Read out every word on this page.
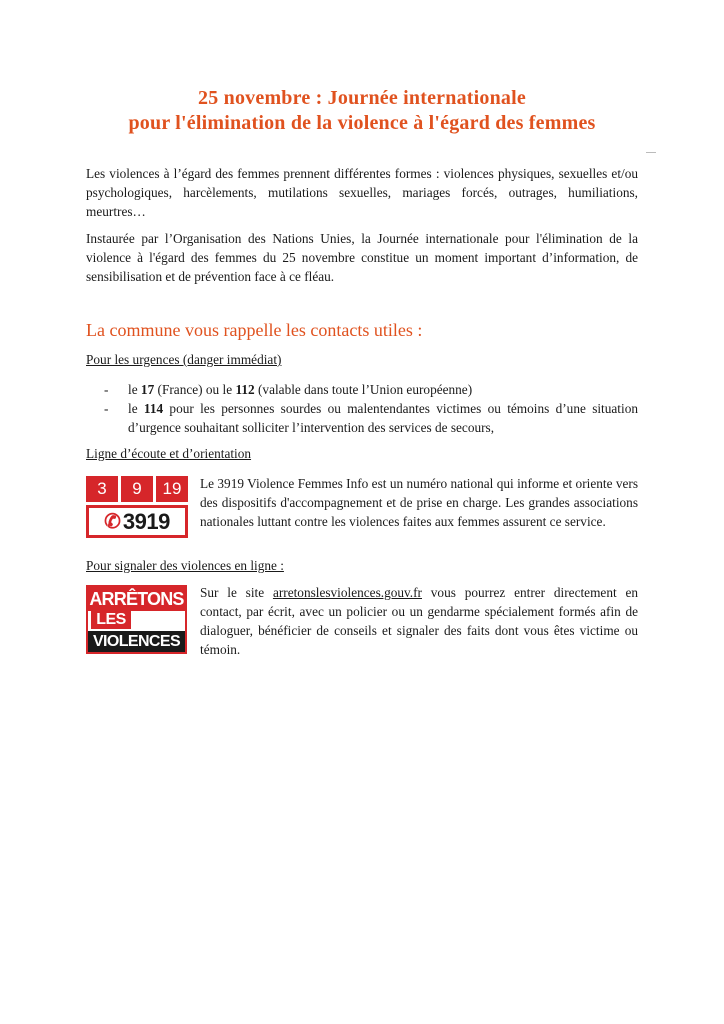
25 novembre : Journée internationale
pour l'élimination de la violence à l'égard des femmes
Les violences à l’égard des femmes prennent différentes formes : violences physiques, sexuelles et/ou psychologiques, harcèlements, mutilations sexuelles, mariages forcés, outrages, humiliations, meurtres…
Instaurée par l’Organisation des Nations Unies, la Journée internationale pour l'élimination de la violence à l'égard des femmes du 25 novembre constitue un moment important d’information, de sensibilisation et de prévention face à ce fléau.
La commune vous rappelle les contacts utiles :
Pour les urgences (danger immédiat)
- le 17 (France) ou le 112 (valable dans toute l’Union européenne)
- le 114 pour les personnes sourdes ou malentendantes victimes ou témoins d’une situation d’urgence souhaitant solliciter l’intervention des services de secours,
Ligne d’écoute et d’orientation
3	9	19
✆ 3919
Le 3919 Violence Femmes Info est un numéro national qui informe et oriente vers des dispositifs d'accompagnement et de prise en charge. Les grandes associations nationales luttant contre les violences faites aux femmes assurent ce service.
Pour signaler des violences en ligne :
ARRÊTONS
LES
VIOLENCES
Sur le site arretonslesviolences.gouv.fr vous pourrez entrer directement en contact, par écrit, avec un policier ou un gendarme spécialement formés afin de dialoguer, bénéficier de conseils et signaler des faits dont vous êtes victime ou témoin.
